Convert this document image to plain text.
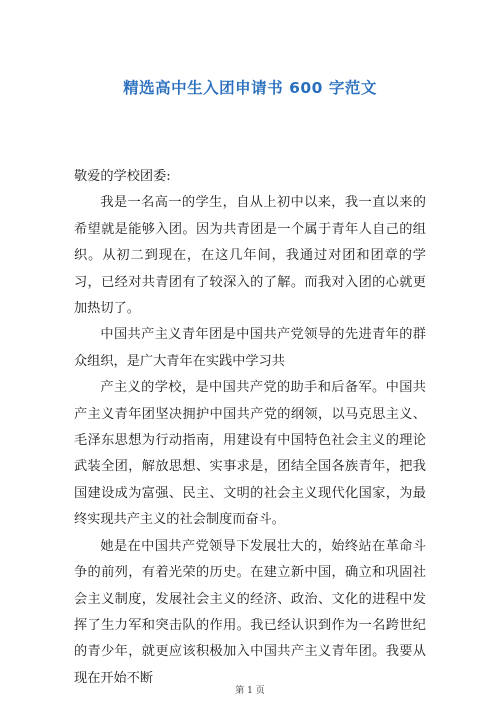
精选高中生入团申请书 600 字范文

敬爱的学校团委:

我是一名高一的学生，自从上初中以来，我一直以来的希望就是能够入团。因为共青团是一个属于青年人自己的组织。从初二到现在，在这几年间，我通过对团和团章的学习，已经对共青团有了较深入的了解。而我对入团的心就更加热切了。

中国共产主义青年团是中国共产党领导的先进青年的群众组织，是广大青年在实践中学习共

产主义的学校，是中国共产党的助手和后备军。中国共产主义青年团坚决拥护中国共产党的纲领，以马克思主义、毛泽东思想为行动指南，用建设有中国特色社会主义的理论武装全团，解放思想、实事求是，团结全国各族青年，把我国建设成为富强、民主、文明的社会主义现代化国家，为最终实现共产主义的社会制度而奋斗。

她是在中国共产党领导下发展壮大的，始终站在革命斗争的前列，有着光荣的历史。在建立新中国，确立和巩固社会主义制度，发展社会主义的经济、政治、文化的进程中发挥了生力军和突击队的作用。我已经认识到作为一名跨世纪的青少年，就更应该积极加入中国共产主义青年团。我要从现在开始不断

第 1 页
